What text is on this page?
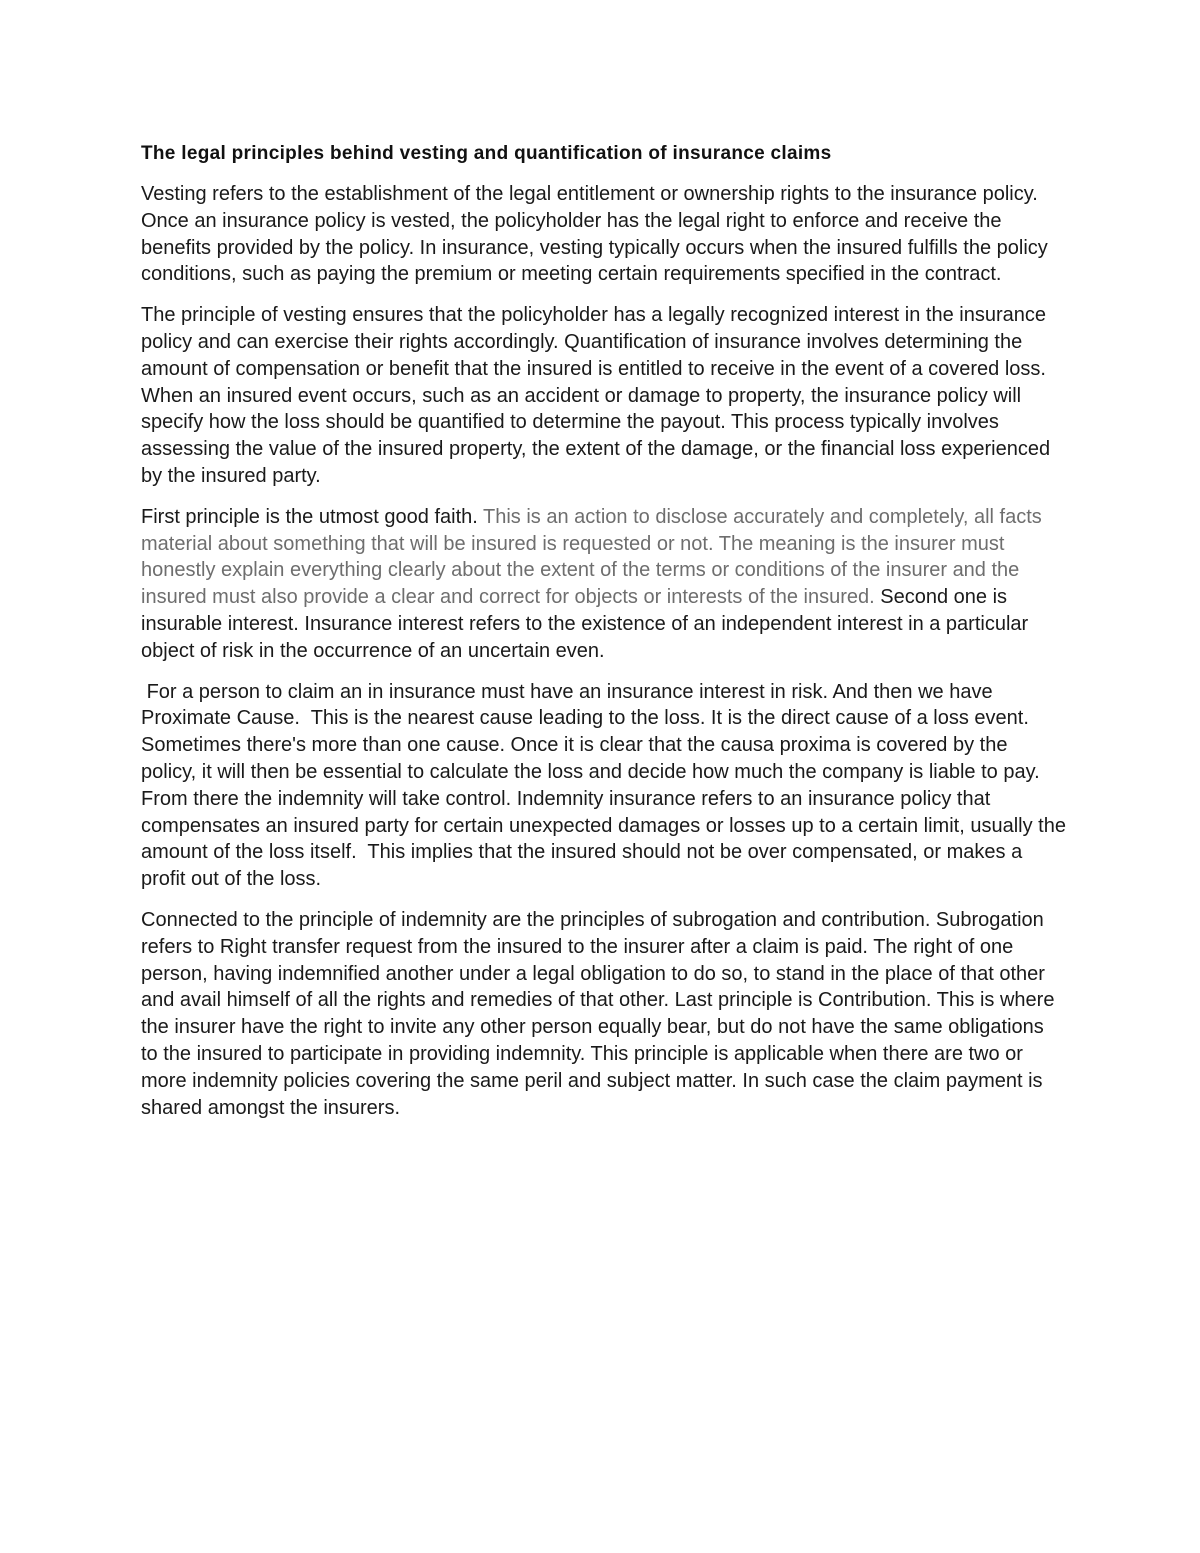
The legal principles behind vesting and quantification of insurance claims

Vesting refers to the establishment of the legal entitlement or ownership rights to the insurance policy. Once an insurance policy is vested, the policyholder has the legal right to enforce and receive the benefits provided by the policy. In insurance, vesting typically occurs when the insured fulfills the policy conditions, such as paying the premium or meeting certain requirements specified in the contract.

The principle of vesting ensures that the policyholder has a legally recognized interest in the insurance policy and can exercise their rights accordingly. Quantification of insurance involves determining the amount of compensation or benefit that the insured is entitled to receive in the event of a covered loss. When an insured event occurs, such as an accident or damage to property, the insurance policy will specify how the loss should be quantified to determine the payout. This process typically involves assessing the value of the insured property, the extent of the damage, or the financial loss experienced by the insured party.

First principle is the utmost good faith. This is an action to disclose accurately and completely, all facts material about something that will be insured is requested or not. The meaning is the insurer must honestly explain everything clearly about the extent of the terms or conditions of the insurer and the insured must also provide a clear and correct for objects or interests of the insured. Second one is insurable interest. Insurance interest refers to the existence of an independent interest in a particular object of risk in the occurrence of an uncertain even.

For a person to claim an in insurance must have an insurance interest in risk. And then we have Proximate Cause.  This is the nearest cause leading to the loss. It is the direct cause of a loss event. Sometimes there's more than one cause. Once it is clear that the causa proxima is covered by the policy, it will then be essential to calculate the loss and decide how much the company is liable to pay. From there the indemnity will take control. Indemnity insurance refers to an insurance policy that compensates an insured party for certain unexpected damages or losses up to a certain limit, usually the amount of the loss itself.  This implies that the insured should not be over compensated, or makes a profit out of the loss.

Connected to the principle of indemnity are the principles of subrogation and contribution. Subrogation refers to Right transfer request from the insured to the insurer after a claim is paid. The right of one person, having indemnified another under a legal obligation to do so, to stand in the place of that other and avail himself of all the rights and remedies of that other. Last principle is Contribution. This is where the insurer have the right to invite any other person equally bear, but do not have the same obligations to the insured to participate in providing indemnity. This principle is applicable when there are two or more indemnity policies covering the same peril and subject matter. In such case the claim payment is shared amongst the insurers.
